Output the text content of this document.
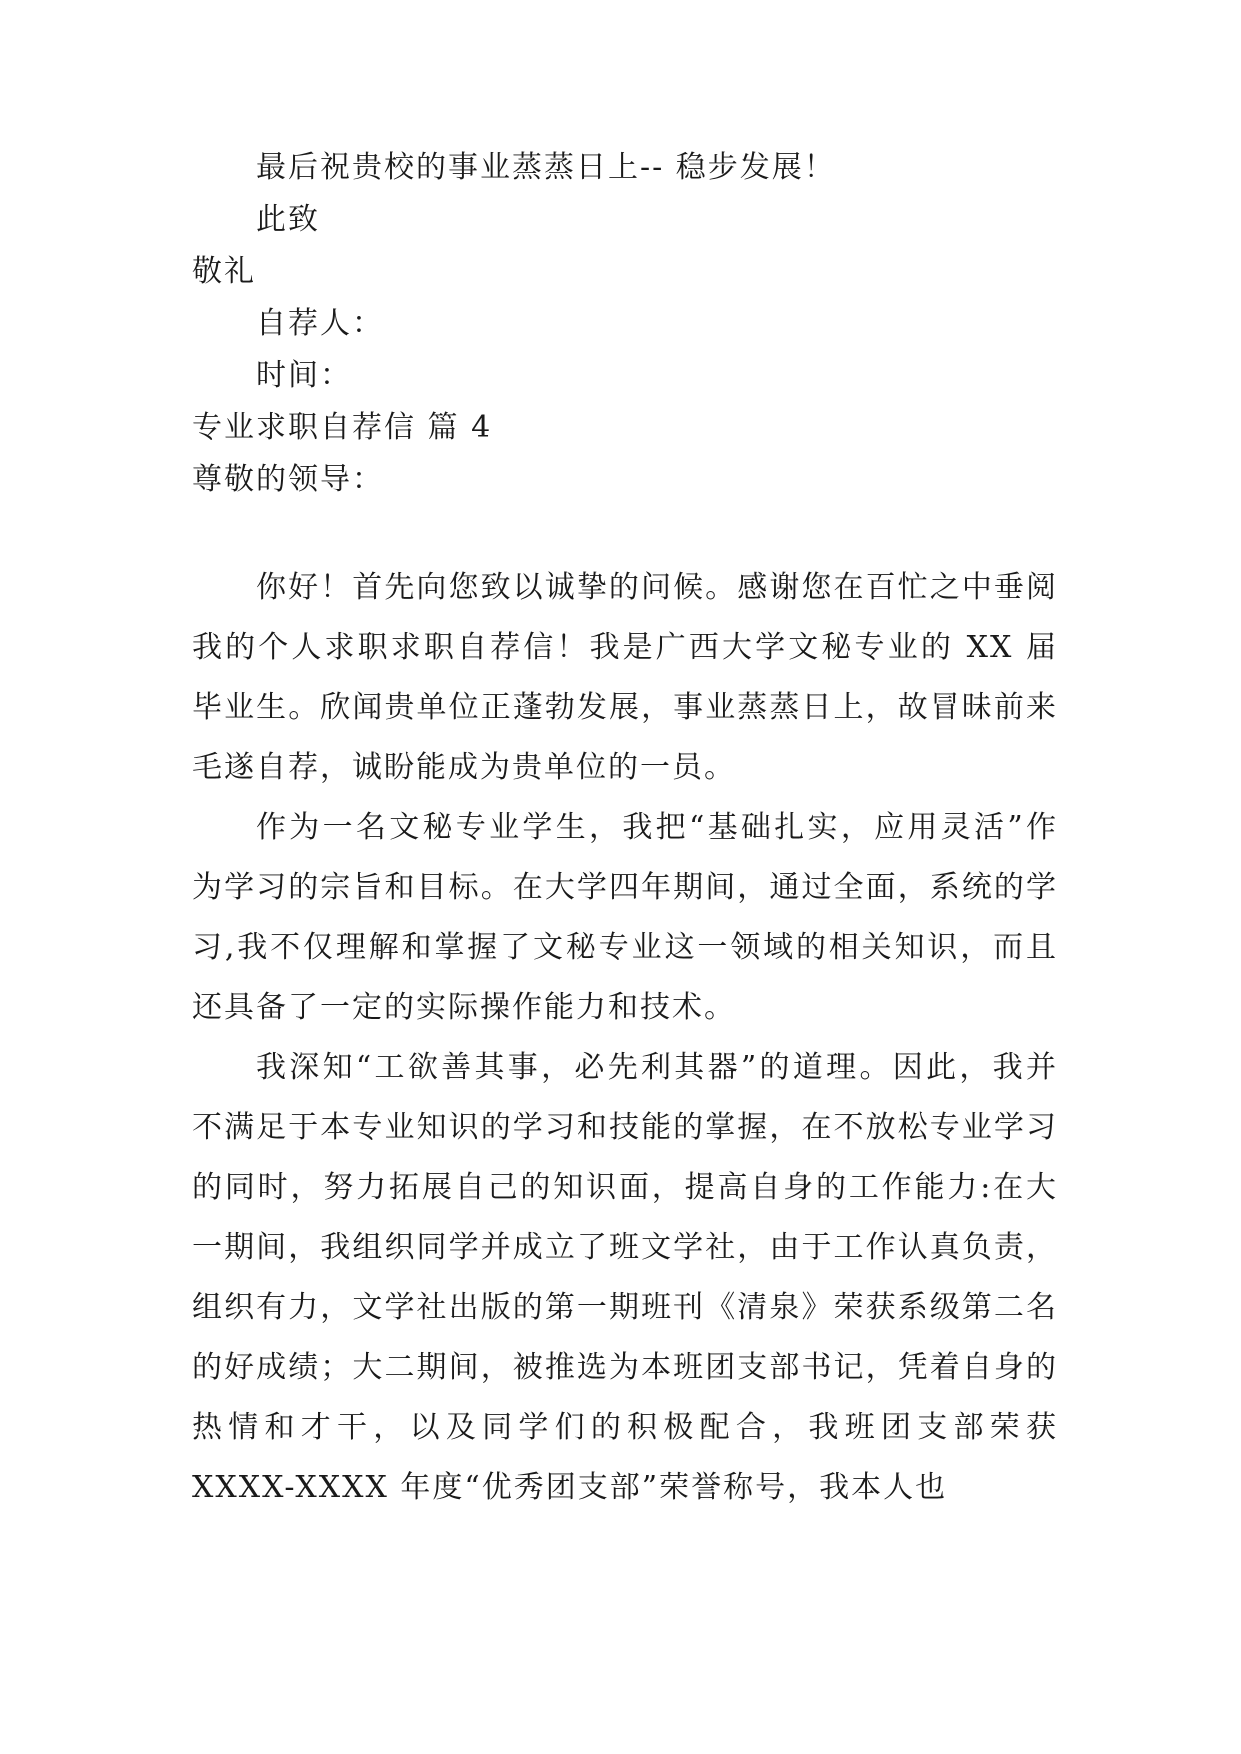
最后祝贵校的事业蒸蒸日上-- 稳步发展！
此致
敬礼
自荐人：
时间：
专业求职自荐信 篇 4
尊敬的领导：

你好！首先向您致以诚挚的问候。感谢您在百忙之中垂阅我的个人求职求职自荐信！我是广西大学文秘专业的 XX 届毕业生。欣闻贵单位正蓬勃发展，事业蒸蒸日上，故冒昧前来毛遂自荐，诚盼能成为贵单位的一员。

作为一名文秘专业学生，我把“基础扎实，应用灵活”作为学习的宗旨和目标。在大学四年期间，通过全面，系统的学习,我不仅理解和掌握了文秘专业这一领域的相关知识，而且还具备了一定的实际操作能力和技术。

我深知“工欲善其事，必先利其器”的道理。因此，我并不满足于本专业知识的学习和技能的掌握，在不放松专业学习的同时，努力拓展自己的知识面，提高自身的工作能力:在大一期间，我组织同学并成立了班文学社，由于工作认真负责，组织有力，文学社出版的第一期班刊《清泉》荣获系级第二名的好成绩；大二期间，被推选为本班团支部书记，凭着自身的热情和才干，以及同学们的积极配合，我班团支部荣获 XXXX-XXXX 年度“优秀团支部”荣誉称号，我本人也
